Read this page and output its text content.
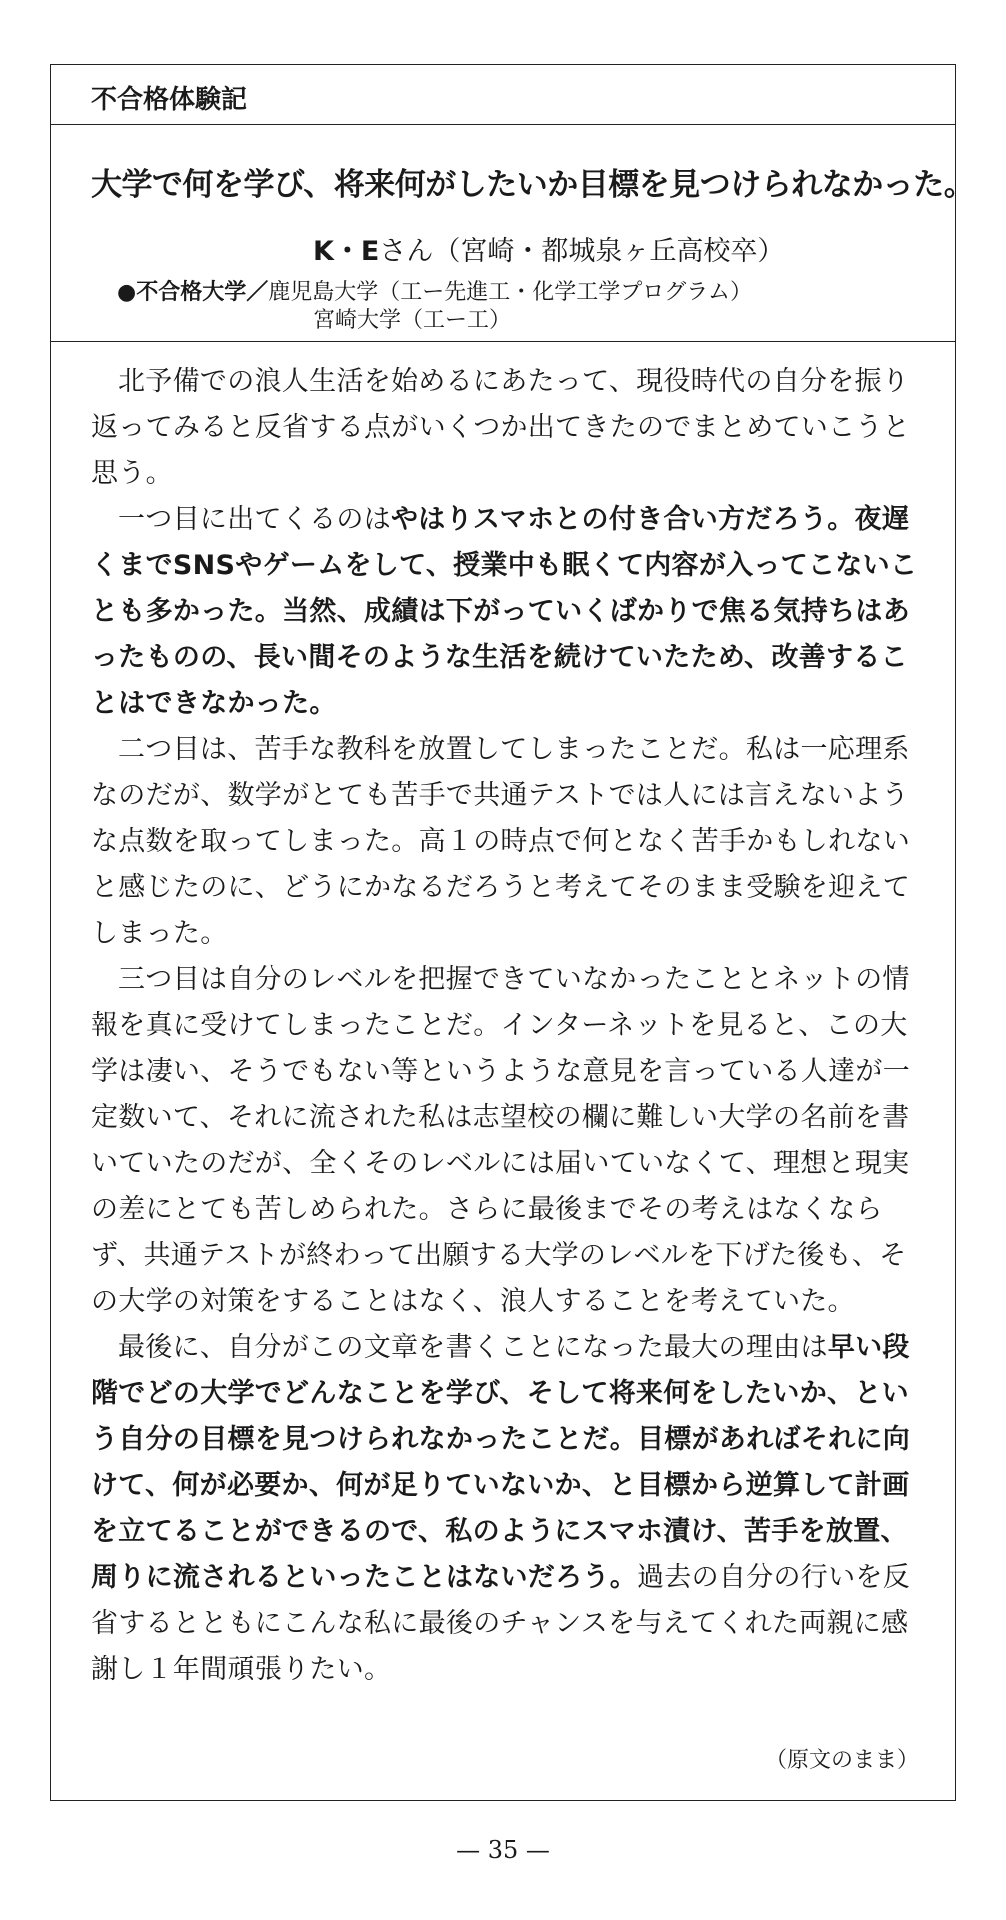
不合格体験記
大学で何を学び、将来何がしたいか目標を見つけられなかった。
K・Eさん（宮崎・都城泉ヶ丘高校卒）
●不合格大学／鹿児島大学（工ー先進工・化学工学プログラム）
宮崎大学（工ー工）

北予備での浪人生活を始めるにあたって、現役時代の自分を振り返ってみると反省する点がいくつか出てきたのでまとめていこうと思う。

一つ目に出てくるのはやはりスマホとの付き合い方だろう。夜遅くまでSNSやゲームをして、授業中も眠くて内容が入ってこないことも多かった。当然、成績は下がっていくばかりで焦る気持ちはあったものの、長い間そのような生活を続けていたため、改善することはできなかった。

二つ目は、苦手な教科を放置してしまったことだ。私は一応理系なのだが、数学がとても苦手で共通テストでは人には言えないような点数を取ってしまった。高１の時点で何となく苦手かもしれないと感じたのに、どうにかなるだろうと考えてそのまま受験を迎えてしまった。

三つ目は自分のレベルを把握できていなかったこととネットの情報を真に受けてしまったことだ。インターネットを見ると、この大学は凄い、そうでもない等というような意見を言っている人達が一定数いて、それに流された私は志望校の欄に難しい大学の名前を書いていたのだが、全くそのレベルには届いていなくて、理想と現実の差にとても苦しめられた。さらに最後までその考えはなくならず、共通テストが終わって出願する大学のレベルを下げた後も、その大学の対策をすることはなく、浪人することを考えていた。

最後に、自分がこの文章を書くことになった最大の理由は早い段階でどの大学でどんなことを学び、そして将来何をしたいか、という自分の目標を見つけられなかったことだ。目標があればそれに向けて、何が必要か、何が足りていないか、と目標から逆算して計画を立てることができるので、私のようにスマホ漬け、苦手を放置、周りに流されるといったことはないだろう。過去の自分の行いを反省するとともにこんな私に最後のチャンスを与えてくれた両親に感謝し１年間頑張りたい。

（原文のまま）
— 35 —
